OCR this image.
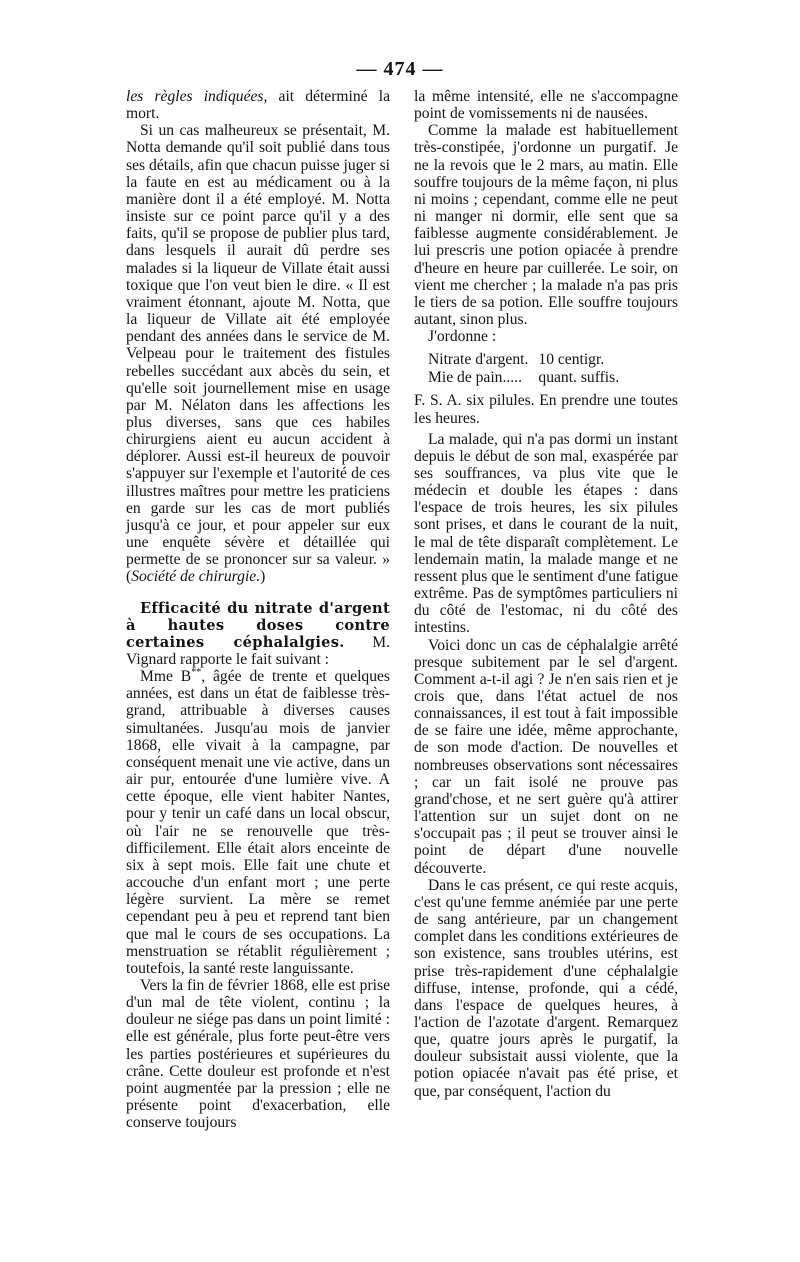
— 474 —

les règles indiquées, ait déterminé la mort.

Si un cas malheureux se présentait, M. Notta demande qu'il soit publié dans tous ses détails, afin que chacun puisse juger si la faute en est au médicament ou à la manière dont il a été employé. M. Notta insiste sur ce point parce qu'il y a des faits, qu'il se propose de publier plus tard, dans lesquels il aurait dû perdre ses malades si la liqueur de Villate était aussi toxique que l'on veut bien le dire. « Il est vraiment étonnant, ajoute M. Notta, que la liqueur de Villate ait été employée pendant des années dans le service de M. Velpeau pour le traitement des fistules rebelles succédant aux abcès du sein, et qu'elle soit journellement mise en usage par M. Nélaton dans les affections les plus diverses, sans que ces habiles chirurgiens aient eu aucun accident à déplorer. Aussi est-il heureux de pouvoir s'appuyer sur l'exemple et l'autorité de ces illustres maîtres pour mettre les praticiens en garde sur les cas de mort publiés jusqu'à ce jour, et pour appeler sur eux une enquête sévère et détaillée qui permette de se prononcer sur sa valeur. » (Société de chirurgie.)

Efficacité du nitrate d'argent à hautes doses contre certaines céphalalgies. M. Vignard rapporte le fait suivant :

Mme B**, âgée de trente et quelques années, est dans un état de faiblesse très-grand, attribuable à diverses causes simultanées. Jusqu'au mois de janvier 1868, elle vivait à la campagne, par conséquent menait une vie active, dans un air pur, entourée d'une lumière vive. A cette époque, elle vient habiter Nantes, pour y tenir un café dans un local obscur, où l'air ne se renouvelle que très-difficilement. Elle était alors enceinte de six à sept mois. Elle fait une chute et accouche d'un enfant mort ; une perte légère survient. La mère se remet cependant peu à peu et reprend tant bien que mal le cours de ses occupations. La menstruation se rétablit régulièrement ; toutefois, la santé reste languissante.

Vers la fin de février 1868, elle est prise d'un mal de tête violent, continu ; la douleur ne siége pas dans un point limité : elle est générale, plus forte peut-être vers les parties postérieures et supérieures du crâne. Cette douleur est profonde et n'est point augmentée par la pression ; elle ne présente point d'exacerbation, elle conserve toujours

la même intensité, elle ne s'accompagne point de vomissements ni de nausées.

Comme la malade est habituellement très-constipée, j'ordonne un purgatif. Je ne la revois que le 2 mars, au matin. Elle souffre toujours de la même façon, ni plus ni moins ; cependant, comme elle ne peut ni manger ni dormir, elle sent que sa faiblesse augmente considérablement. Je lui prescris une potion opiacée à prendre d'heure en heure par cuillerée. Le soir, on vient me chercher ; la malade n'a pas pris le tiers de sa potion. Elle souffre toujours autant, sinon plus.

J'ordonne :

Nitrate d'argent.	10 centigr.
Mie de pain.....	quant. suffis.

F. S. A. six pilules. En prendre une toutes les heures.

La malade, qui n'a pas dormi un instant depuis le début de son mal, exaspérée par ses souffrances, va plus vite que le médecin et double les étapes : dans l'espace de trois heures, les six pilules sont prises, et dans le courant de la nuit, le mal de tête disparaît complètement. Le lendemain matin, la malade mange et ne ressent plus que le sentiment d'une fatigue extrême. Pas de symptômes particuliers ni du côté de l'estomac, ni du côté des intestins.

Voici donc un cas de céphalalgie arrêté presque subitement par le sel d'argent. Comment a-t-il agi ? Je n'en sais rien et je crois que, dans l'état actuel de nos connaissances, il est tout à fait impossible de se faire une idée, même approchante, de son mode d'action. De nouvelles et nombreuses observations sont nécessaires ; car un fait isolé ne prouve pas grand'chose, et ne sert guère qu'à attirer l'attention sur un sujet dont on ne s'occupait pas ; il peut se trouver ainsi le point de départ d'une nouvelle découverte.

Dans le cas présent, ce qui reste acquis, c'est qu'une femme anémiée par une perte de sang antérieure, par un changement complet dans les conditions extérieures de son existence, sans troubles utérins, est prise très-rapidement d'une céphalalgie diffuse, intense, profonde, qui a cédé, dans l'espace de quelques heures, à l'action de l'azotate d'argent. Remarquez que, quatre jours après le purgatif, la douleur subsistait aussi violente, que la potion opiacée n'avait pas été prise, et que, par conséquent, l'action du
